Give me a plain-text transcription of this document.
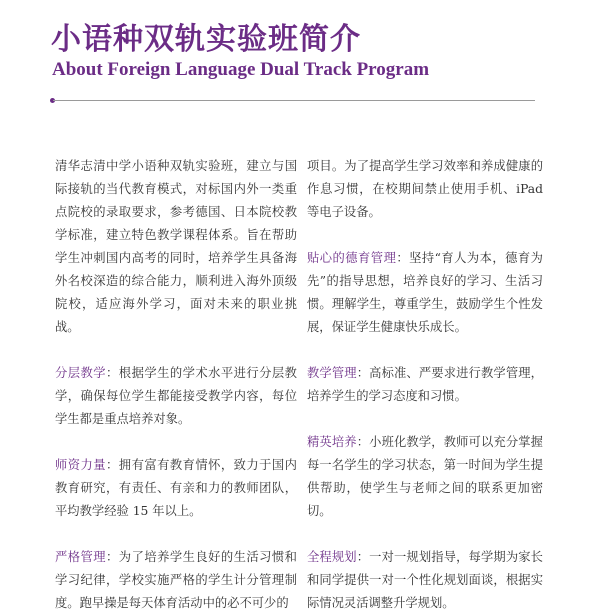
小语种双轨实验班简介
About Foreign Language Dual Track Program

清华志清中学小语种双轨实验班，建立与国际接轨的当代教育模式，对标国内外一类重点院校的录取要求，参考德国、日本院校教学标准，建立特色教学课程体系。旨在帮助学生冲刺国内高考的同时，培养学生具备海外名校深造的综合能力，顺利进入海外顶级院校，适应海外学习，面对未来的职业挑战。

分层教学：根据学生的学术水平进行分层教学，确保每位学生都能接受教学内容，每位学生都是重点培养对象。

师资力量：拥有富有教育情怀，致力于国内教育研究，有责任、有亲和力的教师团队，平均教学经验 15 年以上。

严格管理：为了培养学生良好的生活习惯和学习纪律，学校实施严格的学生计分管理制度。跑早操是每天体育活动中的必不可少的

项目。为了提高学生学习效率和养成健康的作息习惯，在校期间禁止使用手机、iPad 等电子设备。

贴心的德育管理：坚持“育人为本，德育为先”的指导思想，培养良好的学习、生活习惯。理解学生，尊重学生，鼓励学生个性发展，保证学生健康快乐成长。

教学管理：高标准、严要求进行教学管理，培养学生的学习态度和习惯。

精英培养：小班化教学，教师可以充分掌握每一名学生的学习状态，第一时间为学生提供帮助，使学生与老师之间的联系更加密切。

全程规划：一对一规划指导，每学期为家长和同学提供一对一个性化规划面谈，根据实际情况灵活调整升学规划。
